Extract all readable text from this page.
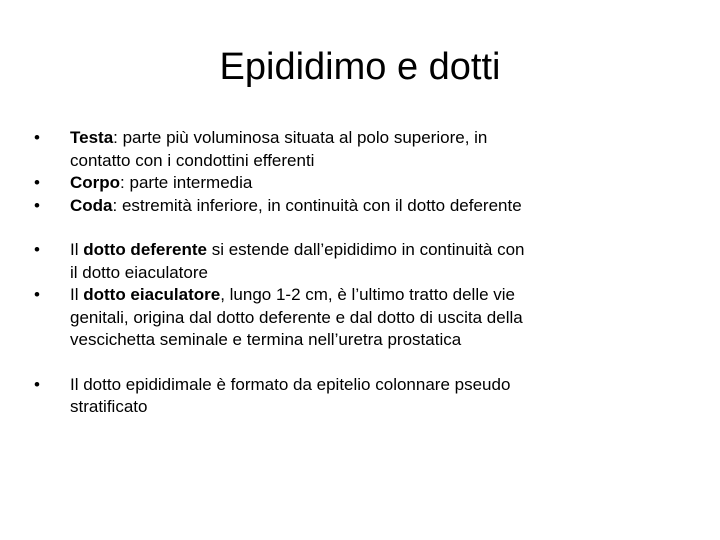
Epididimo e dotti
•	Testa: parte più voluminosa situata al polo superiore, in contatto con i condottini efferenti
•	Corpo: parte intermedia
•	Coda: estremità inferiore, in continuità con il dotto deferente
•	Il dotto deferente si estende dall’epididimo in continuità con il dotto eiaculatore
•	Il dotto eiaculatore, lungo 1-2 cm, è l’ultimo tratto delle vie genitali, origina dal dotto deferente e dal dotto di uscita della vescichetta seminale e termina nell’uretra prostatica
•	Il dotto epididimale è formato da epitelio colonnare pseudo stratificato
